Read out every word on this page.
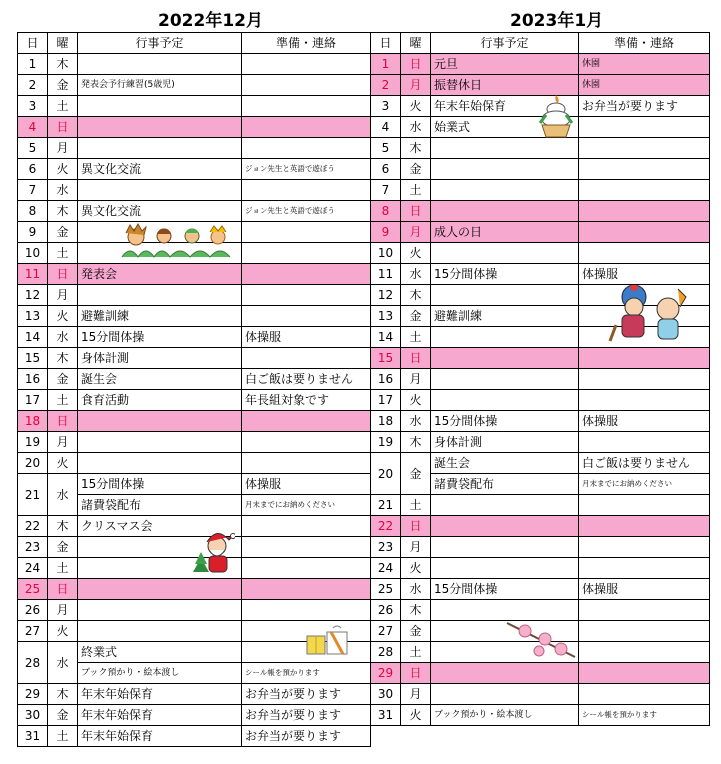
2022年12月	2023年1月
日	曜	行事予定	準備・連絡
1	木		
2	金	発表会予行練習(5歳児)	
3	土		
4	日		
5	月		
6	火	異文化交流	ジョン先生と英語で遊ぼう
7	水		
8	木	異文化交流	ジョン先生と英語で遊ぼう
9	金		
10	土		
11	日	発表会	
12	月		
13	火	避難訓練	
14	水	15分間体操	体操服
15	木	身体計測	
16	金	誕生会	白ご飯は要りません
17	土	食育活動	年長組対象です
18	日		
19	月		
20	火		
21	水	15分間体操	体操服
		諸費袋配布	月末までにお納めください
22	木	クリスマス会	
23	金		
24	土		
25	日		
26	月		
27	火		
28	水	終業式	
		ブック預かり・絵本渡し	シール帳を預かります
29	木	年末年始保育	お弁当が要ります
30	金	年末年始保育	お弁当が要ります
31	土	年末年始保育	お弁当が要ります
日	曜	行事予定	準備・連絡
1	日	元旦	休園
2	月	振替休日	休園
3	火	年末年始保育	お弁当が要ります
4	水	始業式	
5	木		
6	金		
7	土		
8	日		
9	月	成人の日	
10	火		
11	水	15分間体操	体操服
12	木		
13	金	避難訓練	
14	土		
15	日		
16	月		
17	火		
18	水	15分間体操	体操服
19	木	身体計測	
20	金	誕生会	白ご飯は要りません
		諸費袋配布	月末までにお納めください
21	土		
22	日		
23	月		
24	火		
25	水	15分間体操	体操服
26	木		
27	金		
28	土		
29	日		
30	月		
31	火	ブック預かり・絵本渡し	シール帳を預かります
